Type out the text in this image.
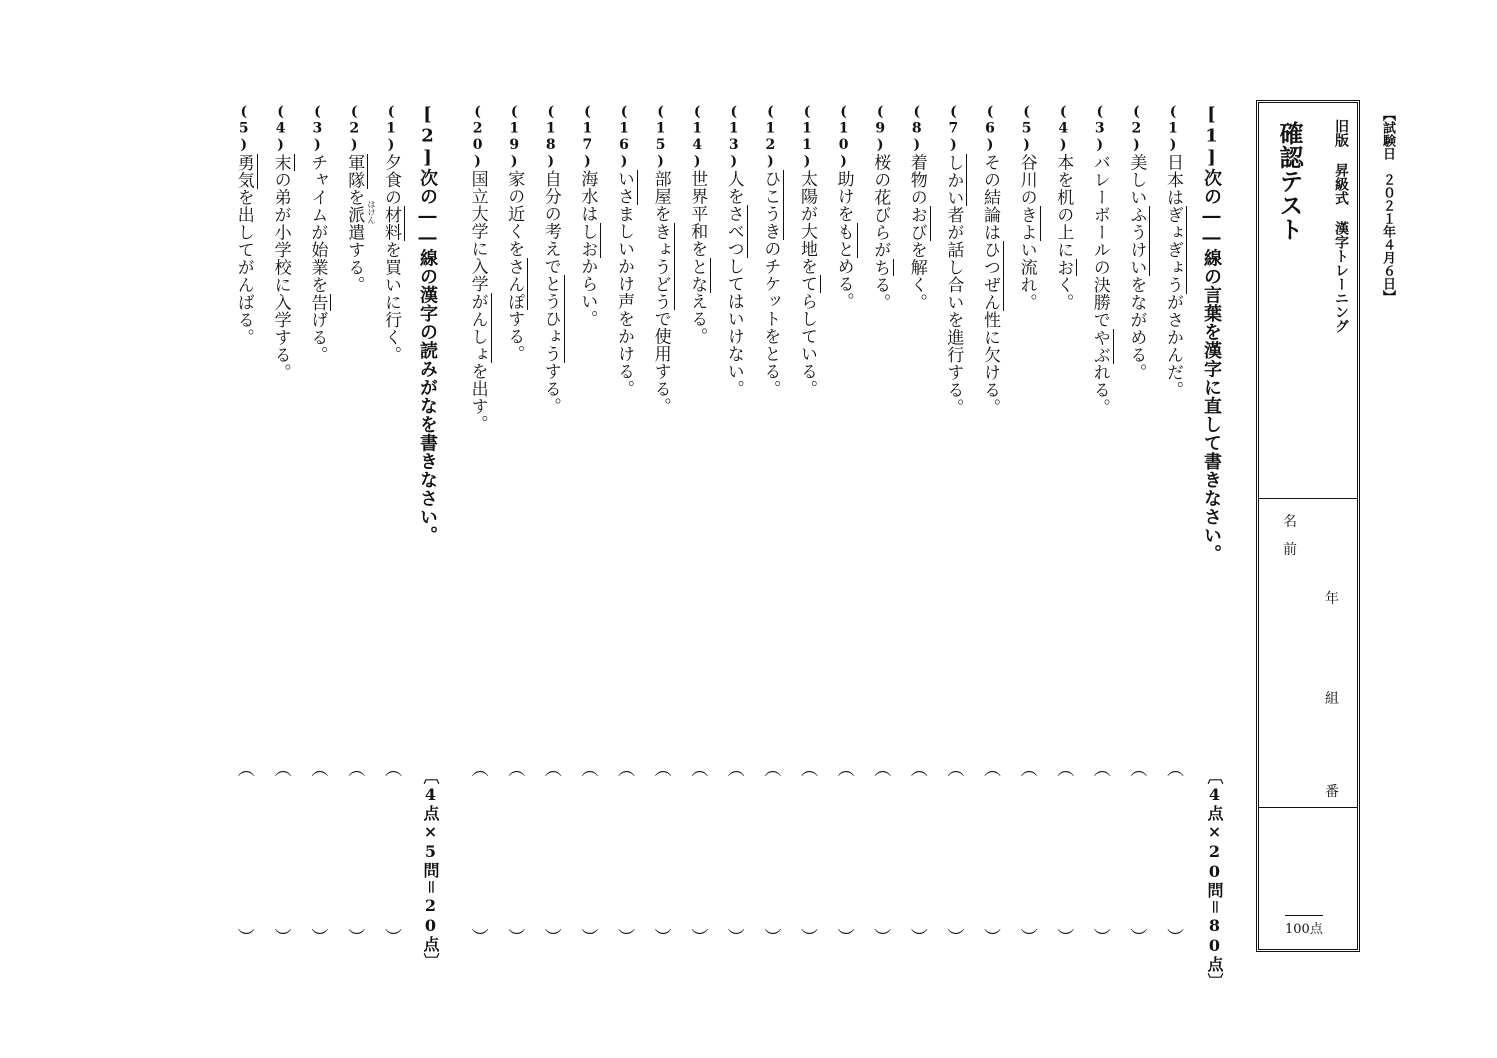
【試験日　２０２１年４月６日】
旧版 昇級式 漢字トレーニング
確認テスト
名
前
年
組
番
100点
[1]次の――線の言葉を漢字に直して書きなさい。
〔4点×20問＝80点〕
(1)日本はぎょぎょうがさかんだ。
︵
︶
(2)美しいふうけいをながめる。
︵
︶
(3)バレーボールの決勝でやぶれる。
︵
︶
(4)本を机の上におく。
︵
︶
(5)谷川のきよい流れ。
︵
︶
(6)その結論はひつぜん性に欠ける。
︵
︶
(7)しかい者が話し合いを進行する。
︵
︶
(8)着物のおびを解く。
︵
︶
(9)桜の花びらがちる。
︵
︶
(10)助けをもとめる。
︵
︶
(11)太陽が大地をてらしている。
︵
︶
(12)ひこうきのチケットをとる。
︵
︶
(13)人をさべつしてはいけない。
︵
︶
(14)世界平和をとなえる。
︵
︶
(15)部屋をきょうどうで使用する。
︵
︶
(16)いさましいかけ声をかける。
︵
︶
(17)海水はしおからい。
︵
︶
(18)自分の考えでとうひょうする。
︵
︶
(19)家の近くをさんぽする。
︵
︶
(20)国立大学に入学がんしょを出す。
︵
︶
[2]次の――線の漢字の読みがなを書きなさい。
〔4点×5問＝20点〕
(1)夕食の材料を買いに行く。
︵
︶
(2)軍隊を派遣する。
︵
︶
(3)チャイムが始業を告げる。
︵
︶
(4)末の弟が小学校に入学する。
︵
︶
(5)勇気を出してがんばる。
︵
︶
はけん
